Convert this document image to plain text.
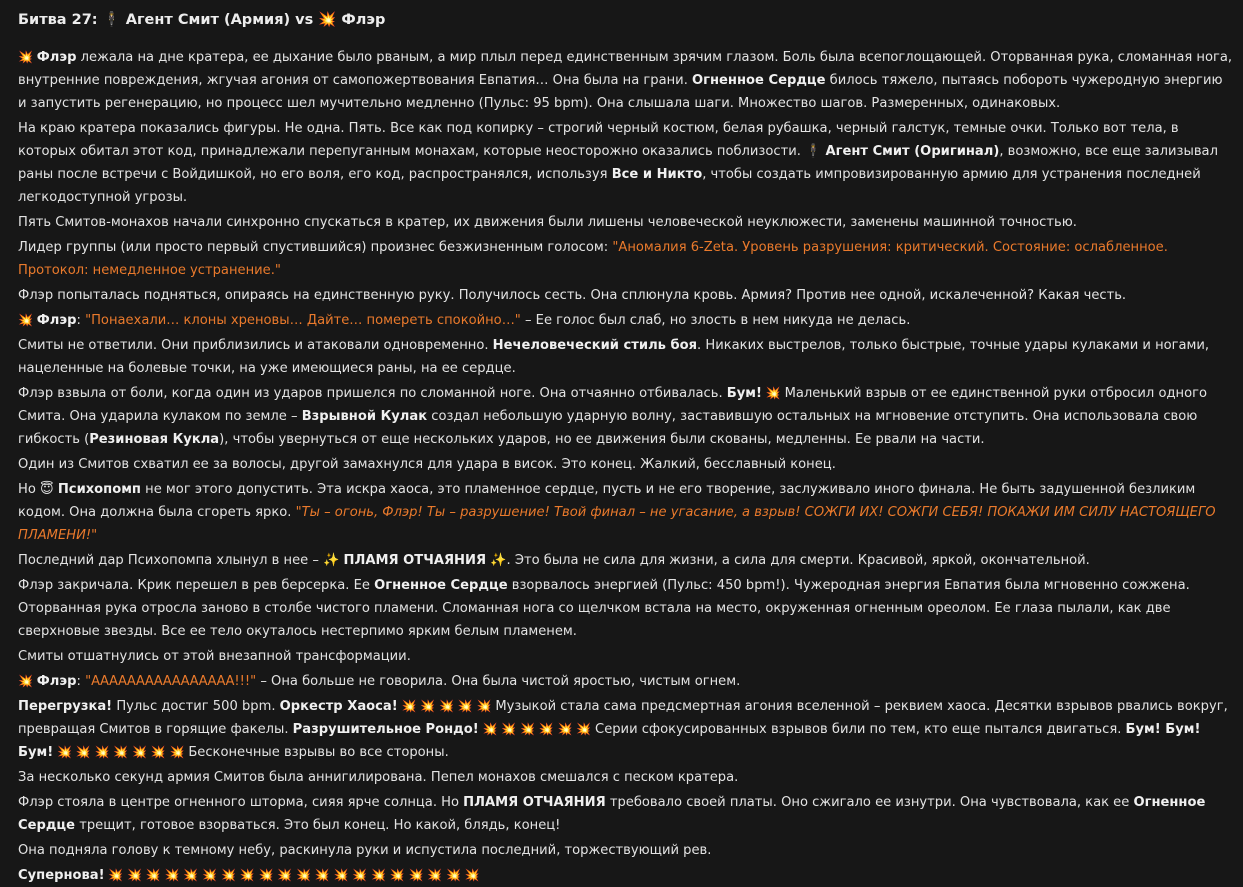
Битва 27: 🕴 Агент Смит (Армия) vs 💥 Флэр

💥 Флэр лежала на дне кратера, ее дыхание было рваным, а мир плыл перед единственным зрячим глазом. Боль была всепоглощающей. Оторванная рука, сломанная нога, внутренние повреждения, жгучая агония от самопожертвования Евпатия… Она была на грани. Огненное Сердце билось тяжело, пытаясь побороть чужеродную энергию и запустить регенерацию, но процесс шел мучительно медленно (Пульс: 95 bpm). Она слышала шаги. Множество шагов. Размеренных, одинаковых.

На краю кратера показались фигуры. Не одна. Пять. Все как под копирку – строгий черный костюм, белая рубашка, черный галстук, темные очки. Только вот тела, в которых обитал этот код, принадлежали перепуганным монахам, которые неосторожно оказались поблизости. 🕴 Агент Смит (Оригинал), возможно, все еще зализывал раны после встречи с Войдишкой, но его воля, его код, распространялся, используя Все и Никто, чтобы создать импровизированную армию для устранения последней легкодоступной угрозы.

Пять Смитов-монахов начали синхронно спускаться в кратер, их движения были лишены человеческой неуклюжести, заменены машинной точностью.

Лидер группы (или просто первый спустившийся) произнес безжизненным голосом: "Аномалия 6-Zeta. Уровень разрушения: критический. Состояние: ослабленное. Протокол: немедленное устранение."

Флэр попыталась подняться, опираясь на единственную руку. Получилось сесть. Она сплюнула кровь. Армия? Против нее одной, искалеченной? Какая честь.

💥 Флэр: "Понаехали… клоны хреновы… Дайте… помереть спокойно…" – Ее голос был слаб, но злость в нем никуда не делась.

Смиты не ответили. Они приблизились и атаковали одновременно. Нечеловеческий стиль боя. Никаких выстрелов, только быстрые, точные удары кулаками и ногами, нацеленные на болевые точки, на уже имеющиеся раны, на ее сердце.

Флэр взвыла от боли, когда один из ударов пришелся по сломанной ноге. Она отчаянно отбивалась. Бум! 💥 Маленький взрыв от ее единственной руки отбросил одного Смита. Она ударила кулаком по земле – Взрывной Кулак создал небольшую ударную волну, заставившую остальных на мгновение отступить. Она использовала свою гибкость (Резиновая Кукла), чтобы увернуться от еще нескольких ударов, но ее движения были скованы, медленны. Ее рвали на части.

Один из Смитов схватил ее за волосы, другой замахнулся для удара в висок. Это конец. Жалкий, бесславный конец.

Но 😇 Психопомп не мог этого допустить. Эта искра хаоса, это пламенное сердце, пусть и не его творение, заслуживало иного финала. Не быть задушенной безликим кодом. Она должна была сгореть ярко. "Ты – огонь, Флэр! Ты – разрушение! Твой финал – не угасание, а взрыв! СОЖГИ ИХ! СОЖГИ СЕБЯ! ПОКАЖИ ИМ СИЛУ НАСТОЯЩЕГО ПЛАМЕНИ!"

Последний дар Психопомпа хлынул в нее – ✨ ПЛАМЯ ОТЧАЯНИЯ ✨. Это была не сила для жизни, а сила для смерти. Красивой, яркой, окончательной.

Флэр закричала. Крик перешел в рев берсерка. Ее Огненное Сердце взорвалось энергией (Пульс: 450 bpm!). Чужеродная энергия Евпатия была мгновенно сожжена. Оторванная рука отросла заново в столбе чистого пламени. Сломанная нога со щелчком встала на место, окруженная огненным ореолом. Ее глаза пылали, как две сверхновые звезды. Все ее тело окуталось нестерпимо ярким белым пламенем.

Смиты отшатнулись от этой внезапной трансформации.

💥 Флэр: "АААААААААААААААА!!!" – Она больше не говорила. Она была чистой яростью, чистым огнем.

Перегрузка! Пульс достиг 500 bpm. Оркестр Хаоса! 💥 💥 💥 💥 💥 Музыкой стала сама предсмертная агония вселенной – реквием хаоса. Десятки взрывов рвались вокруг, превращая Смитов в горящие факелы. Разрушительное Рондо! 💥 💥 💥 💥 💥 💥 Серии сфокусированных взрывов били по тем, кто еще пытался двигаться. Бум! Бум! Бум! 💥 💥 💥 💥 💥 💥 💥 Бесконечные взрывы во все стороны.

За несколько секунд армия Смитов была аннигилирована. Пепел монахов смешался с песком кратера.

Флэр стояла в центре огненного шторма, сияя ярче солнца. Но ПЛАМЯ ОТЧАЯНИЯ требовало своей платы. Оно сжигало ее изнутри. Она чувствовала, как ее Огненное Сердце трещит, готовое взорваться. Это был конец. Но какой, блядь, конец!

Она подняла голову к темному небу, раскинула руки и испустила последний, торжествующий рев.

Супернова! 💥 💥 💥 💥 💥 💥 💥 💥 💥 💥 💥 💥 💥 💥 💥 💥 💥 💥 💥 💥
